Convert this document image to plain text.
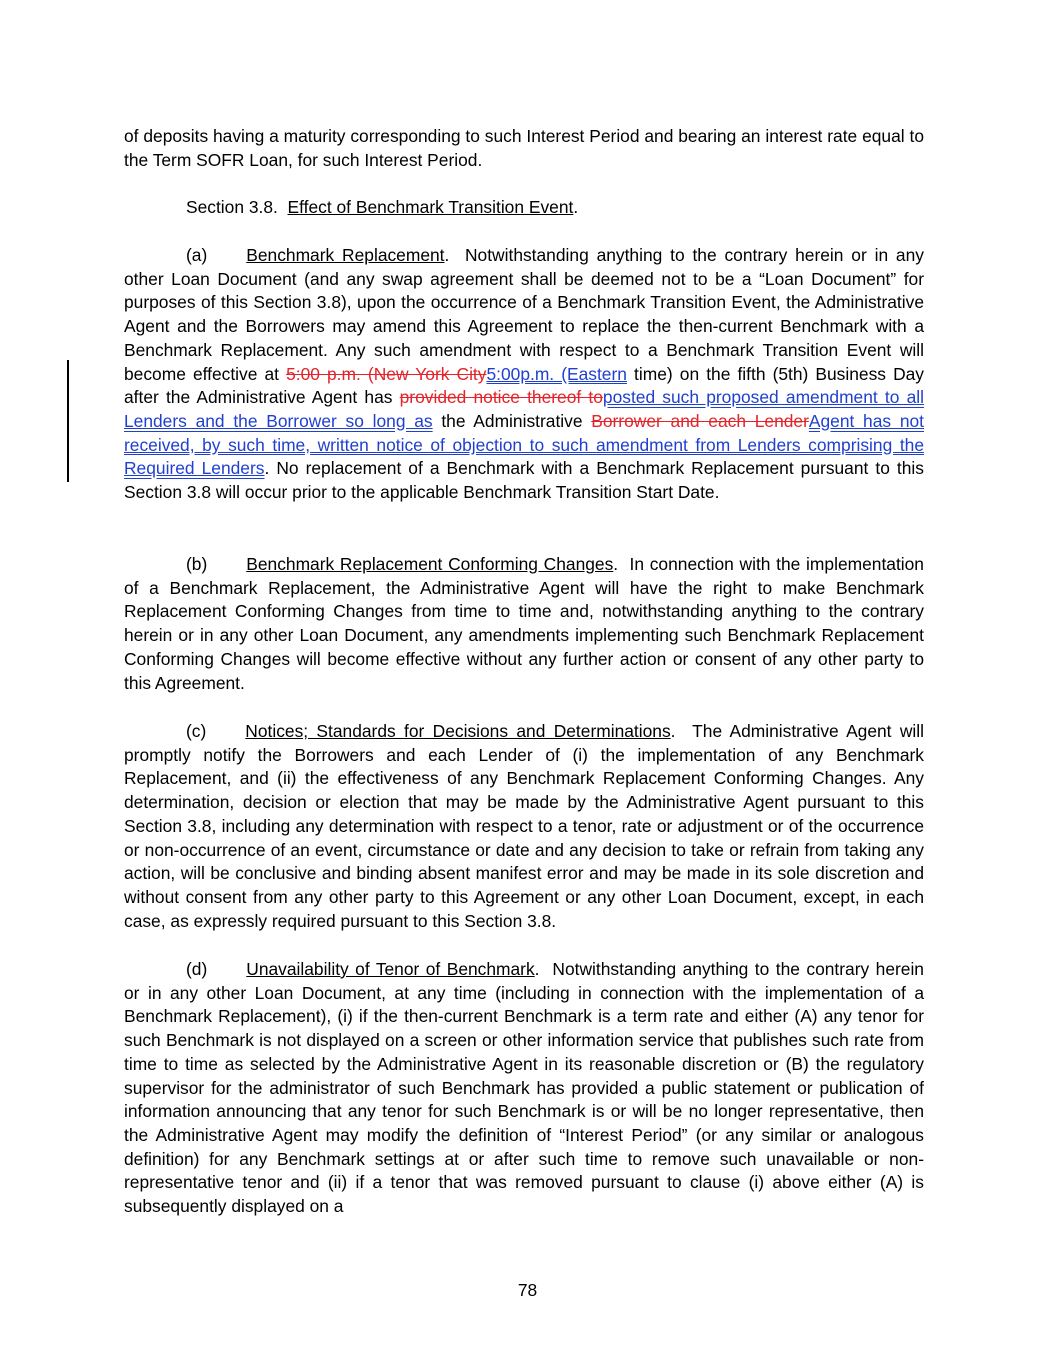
of deposits having a maturity corresponding to such Interest Period and bearing an interest rate equal to the Term SOFR Loan, for such Interest Period.

Section 3.8. Effect of Benchmark Transition Event.

(a) Benchmark Replacement.  Notwithstanding anything to the contrary herein or in any other Loan Document (and any swap agreement shall be deemed not to be a “Loan Document” for purposes of this Section 3.8), upon the occurrence of a Benchmark Transition Event, the Administrative Agent and the Borrowers may amend this Agreement to replace the then-current Benchmark with a Benchmark Replacement. Any such amendment with respect to a Benchmark Transition Event will become effective at 5:00 p.m. (New York City5:00p.m. (Eastern time) on the fifth (5th) Business Day after the Administrative Agent has provided notice thereof toposted such proposed amendment to all Lenders and the Borrower so long as the Administrative Borrower and each LenderAgent has not received, by such time, written notice of objection to such amendment from Lenders comprising the Required Lenders. No replacement of a Benchmark with a Benchmark Replacement pursuant to this Section 3.8 will occur prior to the applicable Benchmark Transition Start Date.

(b) Benchmark Replacement Conforming Changes.  In connection with the implementation of a Benchmark Replacement, the Administrative Agent will have the right to make Benchmark Replacement Conforming Changes from time to time and, notwithstanding anything to the contrary herein or in any other Loan Document, any amendments implementing such Benchmark Replacement Conforming Changes will become effective without any further action or consent of any other party to this Agreement.

(c) Notices; Standards for Decisions and Determinations.  The Administrative Agent will promptly notify the Borrowers and each Lender of (i) the implementation of any Benchmark Replacement, and (ii) the effectiveness of any Benchmark Replacement Conforming Changes. Any determination, decision or election that may be made by the Administrative Agent pursuant to this Section 3.8, including any determination with respect to a tenor, rate or adjustment or of the occurrence or non-occurrence of an event, circumstance or date and any decision to take or refrain from taking any action, will be conclusive and binding absent manifest error and may be made in its sole discretion and without consent from any other party to this Agreement or any other Loan Document, except, in each case, as expressly required pursuant to this Section 3.8.

(d) Unavailability of Tenor of Benchmark.  Notwithstanding anything to the contrary herein or in any other Loan Document, at any time (including in connection with the implementation of a Benchmark Replacement), (i) if the then-current Benchmark is a term rate and either (A) any tenor for such Benchmark is not displayed on a screen or other information service that publishes such rate from time to time as selected by the Administrative Agent in its reasonable discretion or (B) the regulatory supervisor for the administrator of such Benchmark has provided a public statement or publication of information announcing that any tenor for such Benchmark is or will be no longer representative, then the Administrative Agent may modify the definition of “Interest Period” (or any similar or analogous definition) for any Benchmark settings at or after such time to remove such unavailable or non-representative tenor and (ii) if a tenor that was removed pursuant to clause (i) above either (A) is subsequently displayed on a

78
